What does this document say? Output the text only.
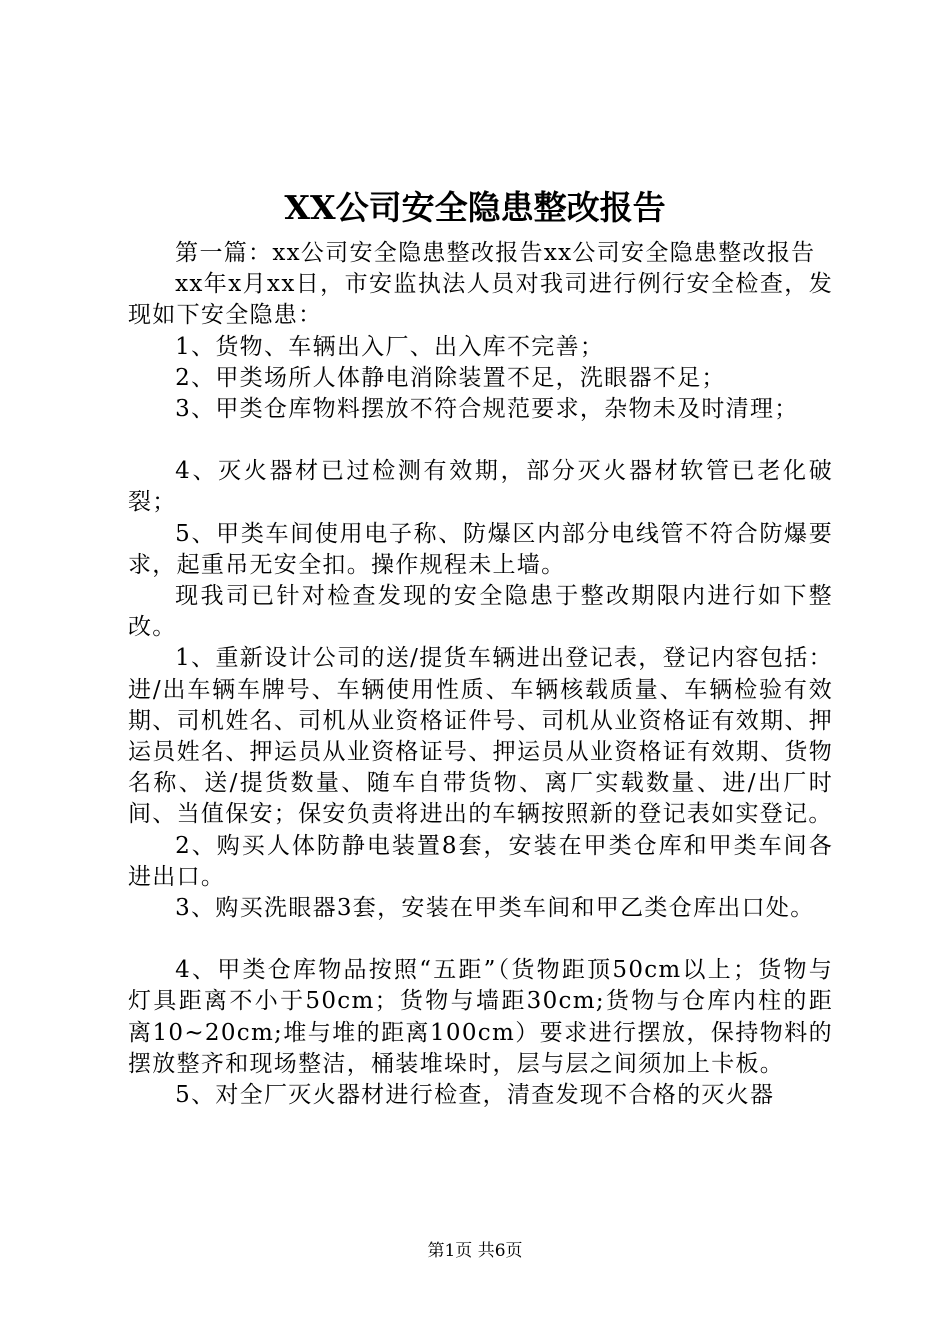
XX公司安全隐患整改报告

第一篇：xx公司安全隐患整改报告xx公司安全隐患整改报告

xx年x月xx日，市安监执法人员对我司进行例行安全检查，发现如下安全隐患：

1、货物、车辆出入厂、出入库不完善；

2、甲类场所人体静电消除装置不足，洗眼器不足；

3、甲类仓库物料摆放不符合规范要求，杂物未及时清理；

4、灭火器材已过检测有效期，部分灭火器材软管已老化破裂；

5、甲类车间使用电子称、防爆区内部分电线管不符合防爆要求，起重吊无安全扣。操作规程未上墙。

现我司已针对检查发现的安全隐患于整改期限内进行如下整改。

1、重新设计公司的送/提货车辆进出登记表，登记内容包括：进/出车辆车牌号、车辆使用性质、车辆核载质量、车辆检验有效期、司机姓名、司机从业资格证件号、司机从业资格证有效期、押运员姓名、押运员从业资格证号、押运员从业资格证有效期、货物名称、送/提货数量、随车自带货物、离厂实载数量、进/出厂时间、当值保安；保安负责将进出的车辆按照新的登记表如实登记。

2、购买人体防静电装置8套，安装在甲类仓库和甲类车间各进出口。

3、购买洗眼器3套，安装在甲类车间和甲乙类仓库出口处。

4、甲类仓库物品按照“五距”（货物距顶50cm以上；货物与灯具距离不小于50cm；货物与墙距30cm;货物与仓库内柱的距离10~20cm;堆与堆的距离100cm）要求进行摆放，保持物料的摆放整齐和现场整洁，桶装堆垛时，层与层之间须加上卡板。

5、对全厂灭火器材进行检查，清查发现不合格的灭火器

第1页 共6页
